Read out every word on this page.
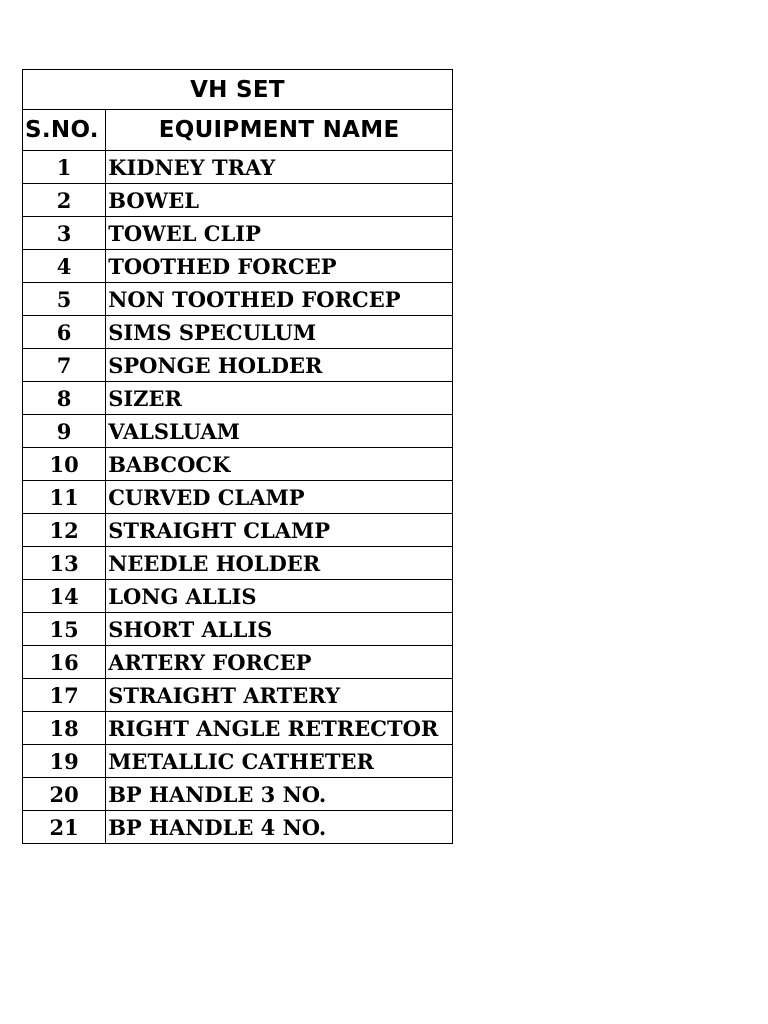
VH SET	
S.NO.	EQUIPMENT NAME
1	KIDNEY TRAY
2	BOWEL
3	TOWEL CLIP
4	TOOTHED FORCEP
5	NON TOOTHED FORCEP
6	SIMS SPECULUM
7	SPONGE HOLDER
8	SIZER
9	VALSLUAM
10	BABCOCK
11	CURVED CLAMP
12	STRAIGHT CLAMP
13	NEEDLE HOLDER
14	LONG ALLIS
15	SHORT ALLIS
16	ARTERY FORCEP
17	STRAIGHT ARTERY
18	RIGHT ANGLE RETRECTOR
19	METALLIC CATHETER
20	BP HANDLE 3 NO.
21	BP HANDLE 4 NO.
